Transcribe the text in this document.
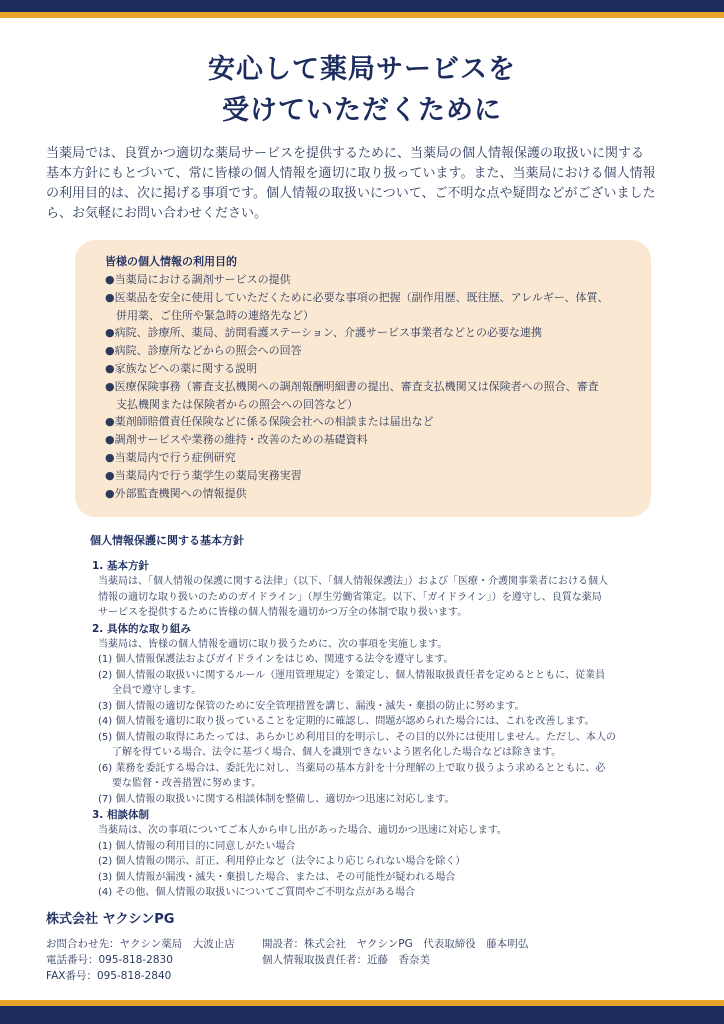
安心して薬局サービスを
受けていただくために
当薬局では、良質かつ適切な薬局サービスを提供するために、当薬局の個人情報保護の取扱いに関する
基本方針にもとづいて、常に皆様の個人情報を適切に取り扱っています。また、当薬局における個人情報
の利用目的は、次に掲げる事項です。個人情報の取扱いについて、ご不明な点や疑問などがございました
ら、お気軽にお問い合わせください。
皆様の個人情報の利用目的
●当薬局における調剤サービスの提供
●医薬品を安全に使用していただくために必要な事項の把握（副作用歴、既往歴、アレルギー、体質、
併用薬、ご住所や緊急時の連絡先など）
●病院、診療所、薬局、訪問看護ステーション、介護サービス事業者などとの必要な連携
●病院、診療所などからの照会への回答
●家族などへの薬に関する説明
●医療保険事務（審査支払機関への調剤報酬明細書の提出、審査支払機関又は保険者への照合、審査
支払機関または保険者からの照会への回答など）
●薬剤師賠償責任保険などに係る保険会社への相談または届出など
●調剤サービスや業務の維持・改善のための基礎資料
●当薬局内で行う症例研究
●当薬局内で行う薬学生の薬局実務実習
●外部監査機関への情報提供
個人情報保護に関する基本方針
1. 基本方針
当薬局は、「個人情報の保護に関する法律」（以下、「個人情報保護法」）および「医療・介護関事業者における個人
情報の適切な取り扱いのためのガイドライン」（厚生労働省策定。以下、「ガイドライン」）を遵守し、良質な薬局
サービスを提供するために皆様の個人情報を適切かつ万全の体制で取り扱います。
2. 具体的な取り組み
当薬局は、皆様の個人情報を適切に取り扱うために、次の事項を実施します。
(1) 個人情報保護法およびガイドラインをはじめ、関連する法令を遵守します。
(2) 個人情報の取扱いに関するルール（運用管理規定）を策定し、個人情報取扱責任者を定めるとともに、従業員
全員で遵守します。
(3) 個人情報の適切な保管のために安全管理措置を講じ、漏洩・滅失・棄損の防止に努めます。
(4) 個人情報を適切に取り扱っていることを定期的に確認し、問題が認められた場合には、これを改善します。
(5) 個人情報の取得にあたっては、あらかじめ利用目的を明示し、その目的以外には使用しません。ただし、本人の
了解を得ている場合、法令に基づく場合、個人を識別できないよう匿名化した場合などは除きます。
(6) 業務を委託する場合は、委託先に対し、当薬局の基本方針を十分理解の上で取り扱うよう求めるとともに、必
要な監督・改善措置に努めます。
(7) 個人情報の取扱いに関する相談体制を整備し、適切かつ迅速に対応します。
3. 相談体制
当薬局は、次の事項についてご本人から申し出があった場合、適切かつ迅速に対応します。
(1) 個人情報の利用目的に同意しがたい場合
(2) 個人情報の開示、訂正、利用停止など（法令により応じられない場合を除く）
(3) 個人情報が漏洩・滅失・棄損した場合、または、その可能性が疑われる場合
(4) その他、個人情報の取扱いについてご質問やご不明な点がある場合
株式会社 ヤクシンPG
お問合わせ先：ヤクシン薬局　大波止店
電話番号：095-818-2830
FAX番号：095-818-2840
開設者：株式会社　ヤクシンPG　代表取締役　藤本明弘
個人情報取扱責任者：近藤　香奈美
